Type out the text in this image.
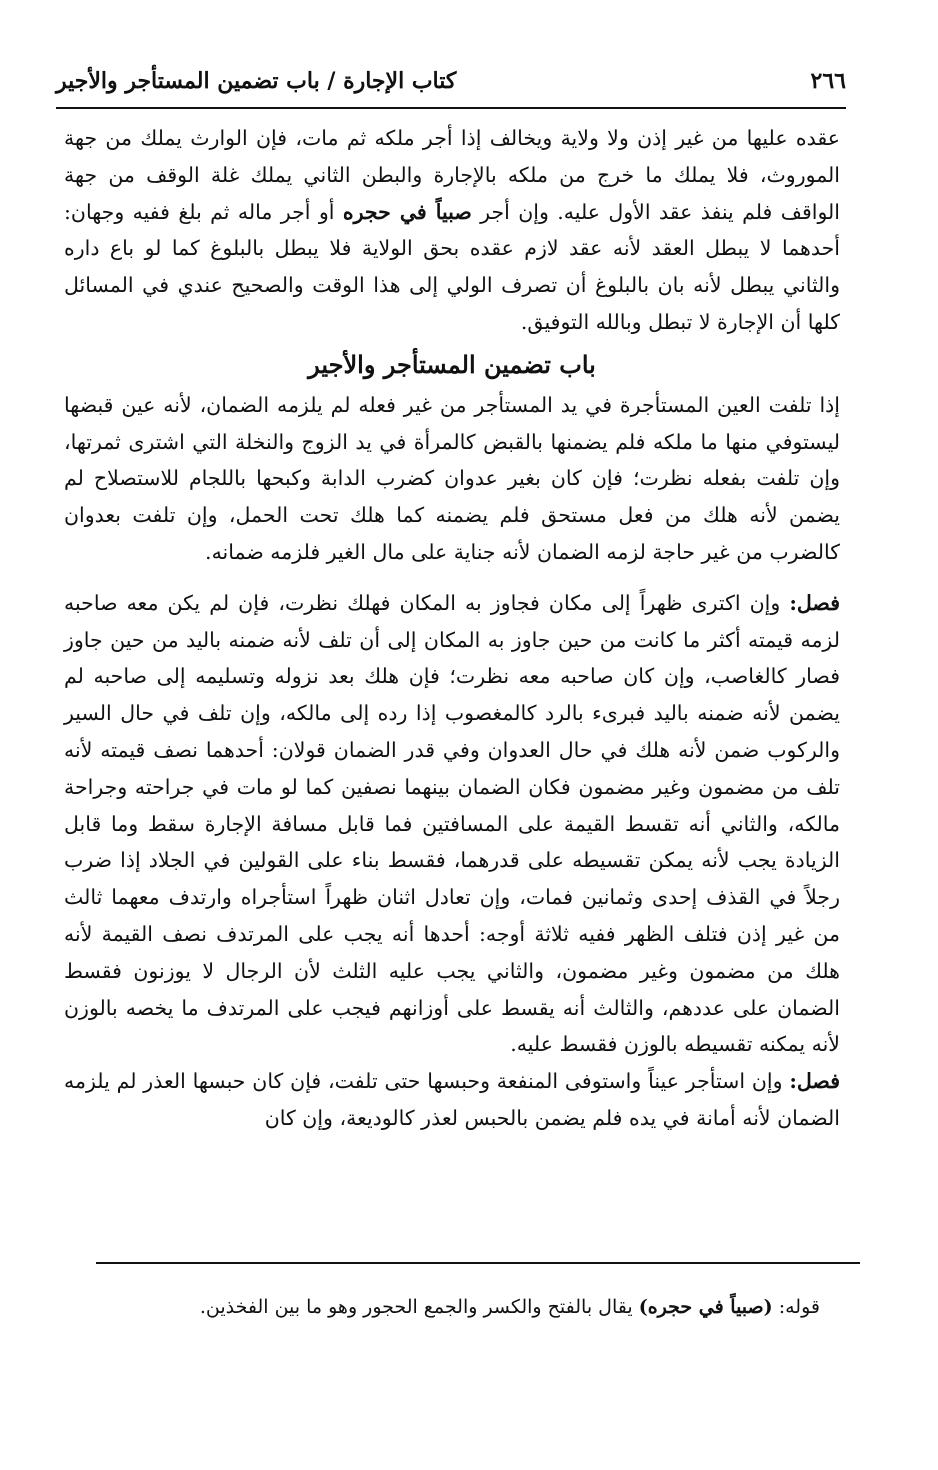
٢٦٦
كتاب الإجارة / باب تضمين المستأجر والأجير

عقده عليها من غير إذن ولا ولاية ويخالف إذا أجر ملكه ثم مات، فإن الوارث يملك من جهة الموروث، فلا يملك ما خرج من ملكه بالإجارة والبطن الثاني يملك غلة الوقف من جهة الواقف فلم ينفذ عقد الأول عليه. وإن أجر صبياً في حجره أو أجر ماله ثم بلغ ففيه وجهان: أحدهما لا يبطل العقد لأنه عقد لازم عقده بحق الولاية فلا يبطل بالبلوغ كما لو باع داره والثاني يبطل لأنه بان بالبلوغ أن تصرف الولي إلى هذا الوقت والصحيح عندي في المسائل كلها أن الإجارة لا تبطل وبالله التوفيق.

باب تضمين المستأجر والأجير

إذا تلفت العين المستأجرة في يد المستأجر من غير فعله لم يلزمه الضمان، لأنه عين قبضها ليستوفي منها ما ملكه فلم يضمنها بالقبض كالمرأة في يد الزوج والنخلة التي اشترى ثمرتها، وإن تلفت بفعله نظرت؛ فإن كان بغير عدوان كضرب الدابة وكبحها باللجام للاستصلاح لم يضمن لأنه هلك من فعل مستحق فلم يضمنه كما هلك تحت الحمل، وإن تلفت بعدوان كالضرب من غير حاجة لزمه الضمان لأنه جناية على مال الغير فلزمه ضمانه.

فصل: وإن اكترى ظهراً إلى مكان فجاوز به المكان فهلك نظرت، فإن لم يكن معه صاحبه لزمه قيمته أكثر ما كانت من حين جاوز به المكان إلى أن تلف لأنه ضمنه باليد من حين جاوز فصار كالغاصب، وإن كان صاحبه معه نظرت؛ فإن هلك بعد نزوله وتسليمه إلى صاحبه لم يضمن لأنه ضمنه باليد فبرىء بالرد كالمغصوب إذا رده إلى مالكه، وإن تلف في حال السير والركوب ضمن لأنه هلك في حال العدوان وفي قدر الضمان قولان: أحدهما نصف قيمته لأنه تلف من مضمون وغير مضمون فكان الضمان بينهما نصفين كما لو مات في جراحته وجراحة مالكه، والثاني أنه تقسط القيمة على المسافتين فما قابل مسافة الإجارة سقط وما قابل الزيادة يجب لأنه يمكن تقسيطه على قدرهما، فقسط بناء على القولين في الجلاد إذا ضرب رجلاً في القذف إحدى وثمانين فمات، وإن تعادل اثنان ظهراً استأجراه وارتدف معهما ثالث من غير إذن فتلف الظهر ففيه ثلاثة أوجه: أحدها أنه يجب على المرتدف نصف القيمة لأنه هلك من مضمون وغير مضمون، والثاني يجب عليه الثلث لأن الرجال لا يوزنون فقسط الضمان على عددهم، والثالث أنه يقسط على أوزانهم فيجب على المرتدف ما يخصه بالوزن لأنه يمكنه تقسيطه بالوزن فقسط عليه.

فصل: وإن استأجر عيناً واستوفى المنفعة وحبسها حتى تلفت، فإن كان حبسها العذر لم يلزمه الضمان لأنه أمانة في يده فلم يضمن بالحبس لعذر كالوديعة، وإن كان

قوله: (صبياً في حجره) يقال بالفتح والكسر والجمع الحجور وهو ما بين الفخذين.
